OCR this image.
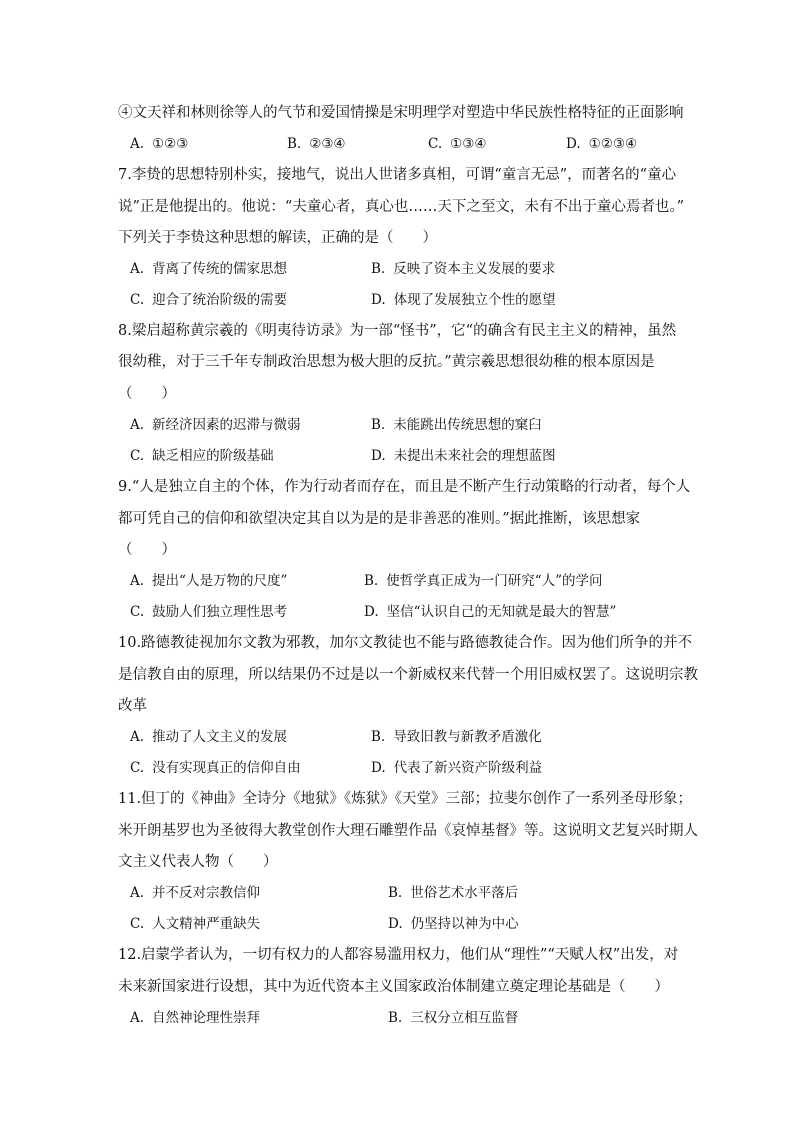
④文天祥和林则徐等人的气节和爱国情操是宋明理学对塑造中华民族性格特征的正面影响
A. ①②③	B. ②③④	C. ①③④	D. ①②③④
7.李贽的思想特别朴实，接地气，说出人世诸多真相，可谓“童言无忌”，而著名的“童心
说”正是他提出的。他说：“夫童心者，真心也……天下之至文，未有不出于童心焉者也。”
下列关于李贽这种思想的解读，正确的是（　　）
A. 背离了传统的儒家思想	B. 反映了资本主义发展的要求
C. 迎合了统治阶级的需要	D. 体现了发展独立个性的愿望
8.梁启超称黄宗羲的《明夷待访录》为一部“怪书”，它“的确含有民主主义的精神，虽然
很幼稚，对于三千年专制政治思想为极大胆的反抗。”黄宗羲思想很幼稚的根本原因是
（　　）
A. 新经济因素的迟滞与微弱	B. 未能跳出传统思想的窠臼
C. 缺乏相应的阶级基础	D. 未提出未来社会的理想蓝图
9.“人是独立自主的个体，作为行动者而存在，而且是不断产生行动策略的行动者，每个人
都可凭自己的信仰和欲望决定其自以为是的是非善恶的准则。”据此推断，该思想家
（　　）
A. 提出“人是万物的尺度”	B. 使哲学真正成为一门研究“人”的学问
C. 鼓励人们独立理性思考	D. 坚信“认识自己的无知就是最大的智慧”
10.路德教徒视加尔文教为邪教，加尔文教徒也不能与路德教徒合作。因为他们所争的并不
是信教自由的原理，所以结果仍不过是以一个新威权来代替一个用旧威权罢了。这说明宗教
改革
A. 推动了人文主义的发展	B. 导致旧教与新教矛盾激化
C. 没有实现真正的信仰自由	D. 代表了新兴资产阶级利益
11.但丁的《神曲》全诗分《地狱》《炼狱》《天堂》三部；拉斐尔创作了一系列圣母形象；
米开朗基罗也为圣彼得大教堂创作大理石雕塑作品《哀悼基督》等。这说明文艺复兴时期人
文主义代表人物（　　）
A. 并不反对宗教信仰	B. 世俗艺术水平落后
C. 人文精神严重缺失	D. 仍坚持以神为中心
12.启蒙学者认为，一切有权力的人都容易滥用权力，他们从“理性”“天赋人权”出发，对
未来新国家进行设想，其中为近代资本主义国家政治体制建立奠定理论基础是（　　）
A. 自然神论理性崇拜	B. 三权分立相互监督
